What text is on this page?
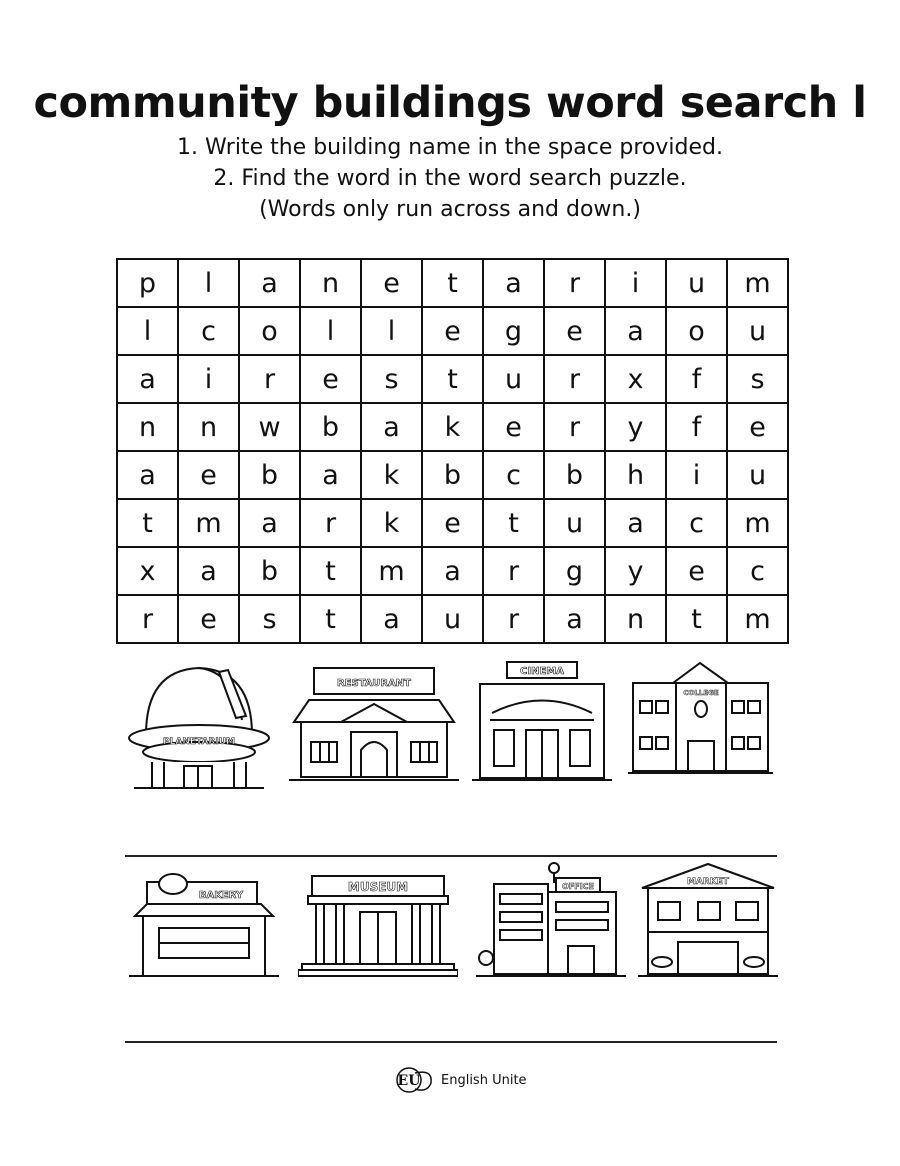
community buildings word search l
1. Write the building name in the space provided.
2. Find the word in the word search puzzle.
(Words only run across and down.)
p	l	a	n	e	t	a	r	i	u	m
l	c	o	l	l	e	g	e	a	o	u
a	i	r	e	s	t	u	r	x	f	s
n	n	w	b	a	k	e	r	y	f	e
a	e	b	a	k	b	c	b	h	i	u
t	m	a	r	k	e	t	u	a	c	m
x	a	b	t	m	a	r	g	y	e	c
r	e	s	t	a	u	r	a	n	t	m
PLANETARIUM
RESTAURANT
CINEMA
COLLEGE
BAKERY
MUSEUM	OFFICE	MARKET
EU English Unite
